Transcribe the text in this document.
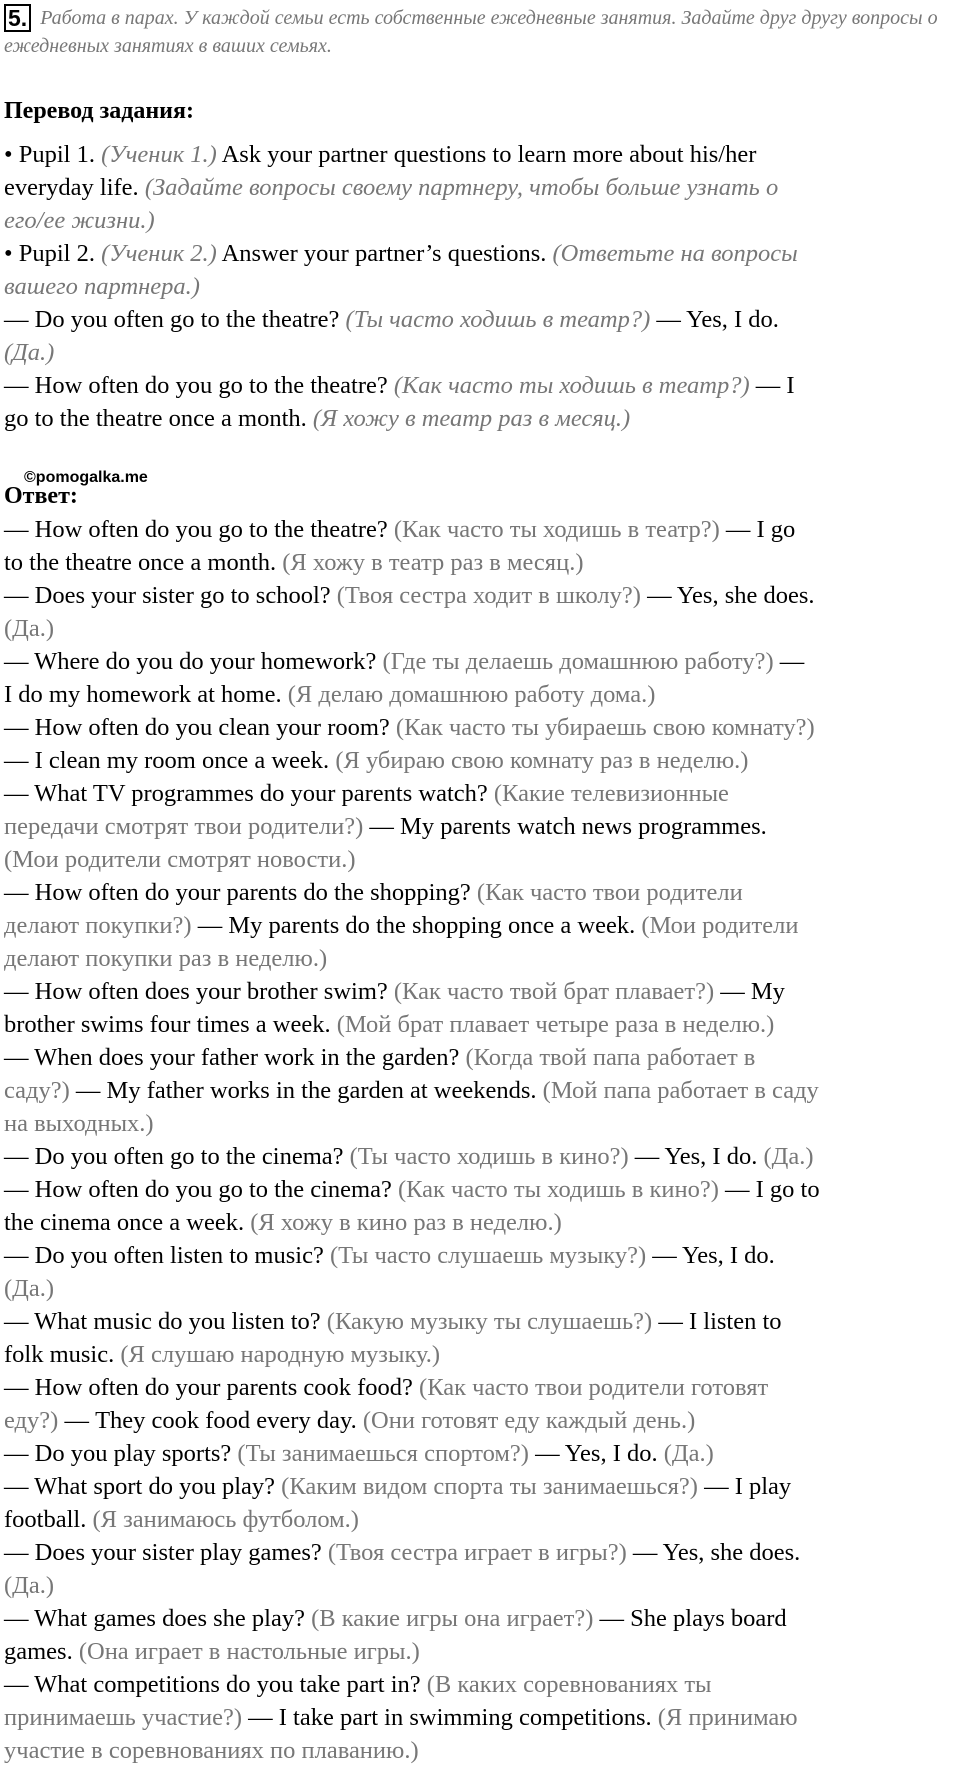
5. Работа в парах. У каждой семьи есть собственные ежедневные занятия. Задайте друг другу вопросы о ежедневных занятиях в ваших семьях.
Перевод задания:
• Pupil 1. (Ученик 1.) Ask your partner questions to learn more about his/her
everyday life. (Задайте вопросы своему партнеру, чтобы больше узнать о
его/ее жизни.)
• Pupil 2. (Ученик 2.) Answer your partner’s questions. (Ответьте на вопросы
вашего партнера.)
— Do you often go to the theatre? (Ты часто ходишь в театр?) — Yes, I do.
(Да.)
— How often do you go to the theatre? (Как часто ты ходишь в театр?) — I
go to the theatre once a month. (Я хожу в театр раз в месяц.)
Ответ:
©pomogalka.me
— How often do you go to the theatre? (Как часто ты ходишь в театр?) — I go
to the theatre once a month. (Я хожу в театр раз в месяц.)
— Does your sister go to school? (Твоя сестра ходит в школу?) — Yes, she does.
(Да.)
— Where do you do your homework? (Где ты делаешь домашнюю работу?) —
I do my homework at home. (Я делаю домашнюю работу дома.)
— How often do you clean your room? (Как часто ты убираешь свою комнату?)
— I clean my room once a week. (Я убираю свою комнату раз в неделю.)
— What TV programmes do your parents watch? (Какие телевизионные
передачи смотрят твои родители?) — My parents watch news programmes.
(Мои родители смотрят новости.)
— How often do your parents do the shopping? (Как часто твои родители
делают покупки?) — My parents do the shopping once a week. (Мои родители
делают покупки раз в неделю.)
— How often does your brother swim? (Как часто твой брат плавает?) — My
brother swims four times a week. (Мой брат плавает четыре раза в неделю.)
— When does your father work in the garden? (Когда твой папа работает в
саду?) — My father works in the garden at weekends. (Мой папа работает в саду
на выходных.)
— Do you often go to the cinema? (Ты часто ходишь в кино?) — Yes, I do. (Да.)
— How often do you go to the cinema? (Как часто ты ходишь в кино?) — I go to
the cinema once a week. (Я хожу в кино раз в неделю.)
— Do you often listen to music? (Ты часто слушаешь музыку?) — Yes, I do.
(Да.)
— What music do you listen to? (Какую музыку ты слушаешь?) — I listen to
folk music. (Я слушаю народную музыку.)
— How often do your parents cook food? (Как часто твои родители готовят
еду?) — They cook food every day. (Они готовят еду каждый день.)
— Do you play sports? (Ты занимаешься спортом?) — Yes, I do. (Да.)
— What sport do you play? (Каким видом спорта ты занимаешься?) — I play
football. (Я занимаюсь футболом.)
— Does your sister play games? (Твоя сестра играет в игры?) — Yes, she does.
(Да.)
— What games does she play? (В какие игры она играет?) — She plays board
games. (Она играет в настольные игры.)
— What competitions do you take part in? (В каких соревнованиях ты
принимаешь участие?) — I take part in swimming competitions. (Я принимаю
участие в соревнованиях по плаванию.)
